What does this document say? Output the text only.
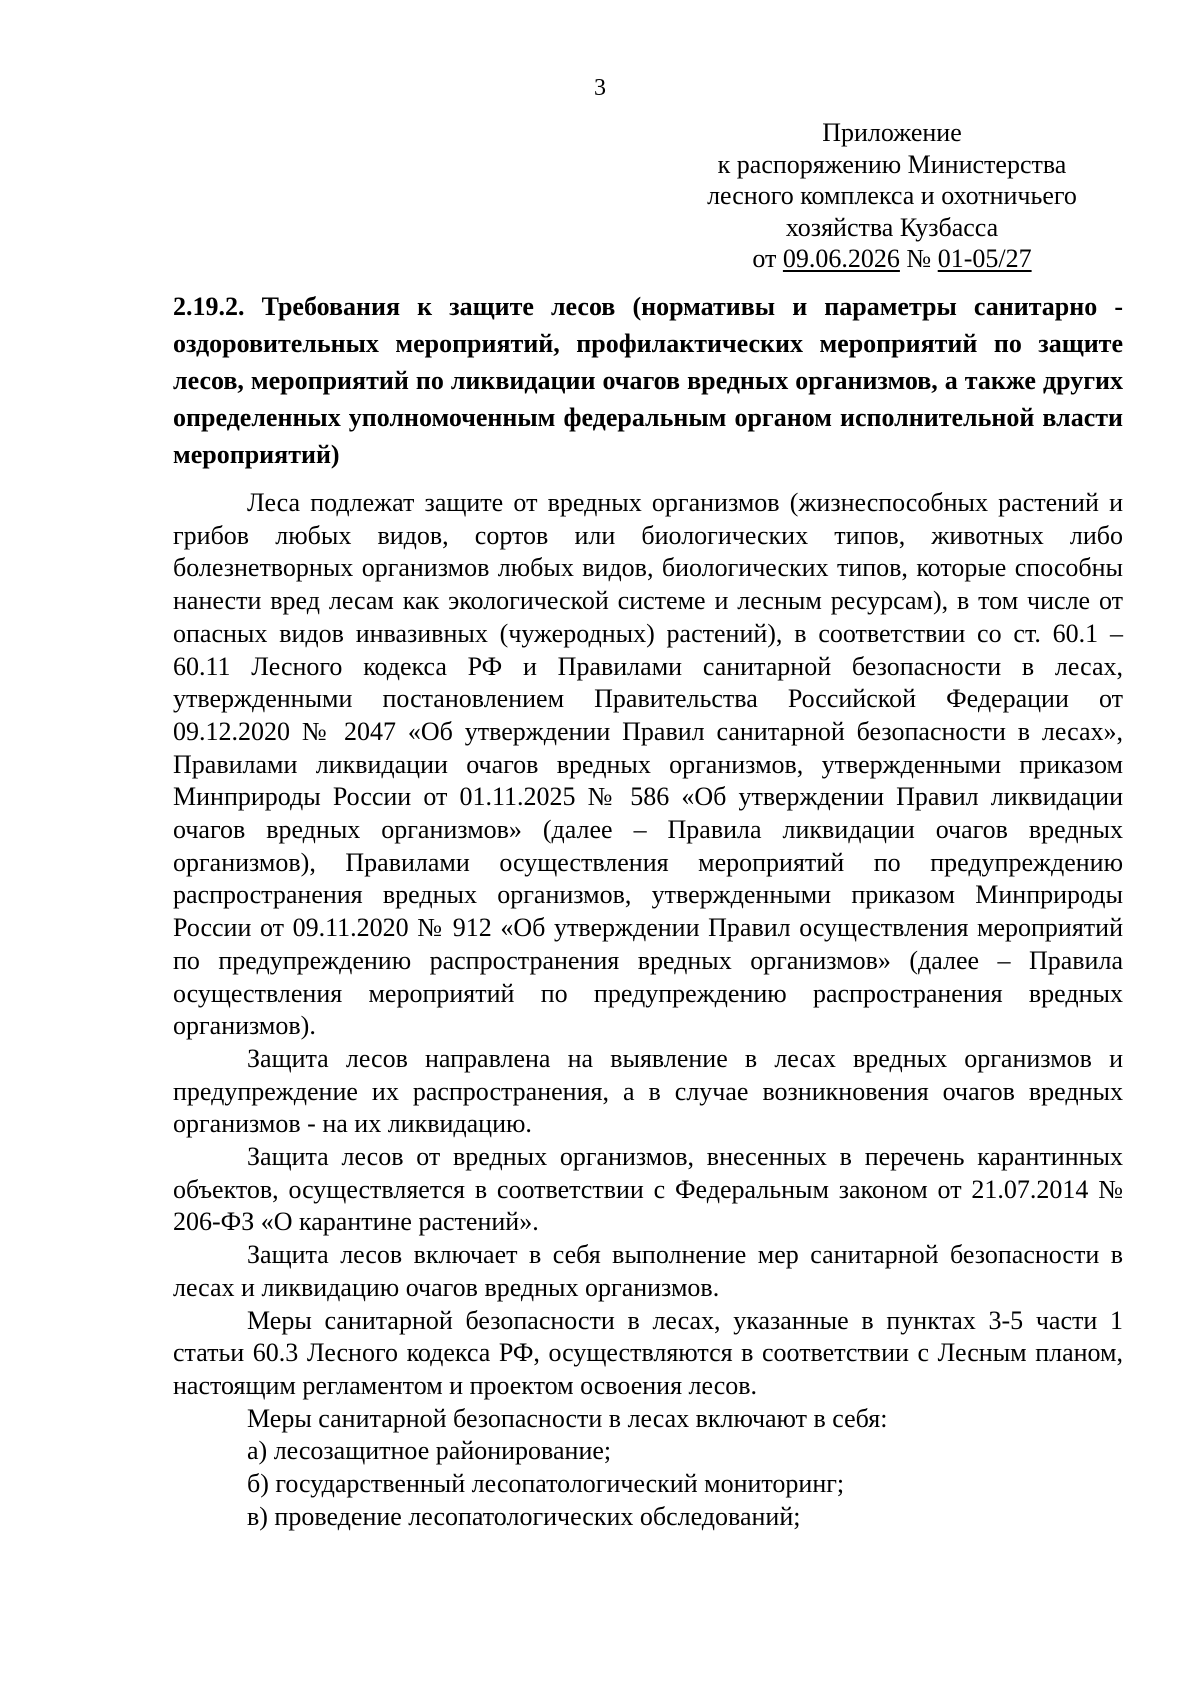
3
Приложение
к распоряжению Министерства
лесного комплекса и охотничьего
хозяйства Кузбасса
от 09.06.2026 № 01-05/27
2.19.2. Требования к защите лесов (нормативы и параметры санитарно - оздоровительных мероприятий, профилактических мероприятий по защите лесов, мероприятий по ликвидации очагов вредных организмов, а также других определенных уполномоченным федеральным органом исполнительной власти мероприятий)

Леса подлежат защите от вредных организмов (жизнеспособных растений и грибов любых видов, сортов или биологических типов, животных либо болезнетворных организмов любых видов, биологических типов, которые способны нанести вред лесам как экологической системе и лесным ресурсам), в том числе от опасных видов инвазивных (чужеродных) растений), в соответствии со ст. 60.1 – 60.11 Лесного кодекса РФ и Правилами санитарной безопасности в лесах, утвержденными постановлением Правительства Российской Федерации от 09.12.2020 № 2047 «Об утверждении Правил санитарной безопасности в лесах», Правилами ликвидации очагов вредных организмов, утвержденными приказом Минприроды России от 01.11.2025 № 586 «Об утверждении Правил ликвидации очагов вредных организмов» (далее – Правила ликвидации очагов вредных организмов), Правилами осуществления мероприятий по предупреждению распространения вредных организмов, утвержденными приказом Минприроды России от 09.11.2020 № 912 «Об утверждении Правил осуществления мероприятий по предупреждению распространения вредных организмов» (далее – Правила осуществления мероприятий по предупреждению распространения вредных организмов).

Защита лесов направлена на выявление в лесах вредных организмов и предупреждение их распространения, а в случае возникновения очагов вредных организмов - на их ликвидацию.

Защита лесов от вредных организмов, внесенных в перечень карантинных объектов, осуществляется в соответствии с Федеральным законом от 21.07.2014 № 206-ФЗ «О карантине растений».

Защита лесов включает в себя выполнение мер санитарной безопасности в лесах и ликвидацию очагов вредных организмов.

Меры санитарной безопасности в лесах, указанные в пунктах 3-5 части 1 статьи 60.3 Лесного кодекса РФ, осуществляются в соответствии с Лесным планом, настоящим регламентом и проектом освоения лесов.

Меры санитарной безопасности в лесах включают в себя:

а) лесозащитное районирование;

б) государственный лесопатологический мониторинг;

в) проведение лесопатологических обследований;
